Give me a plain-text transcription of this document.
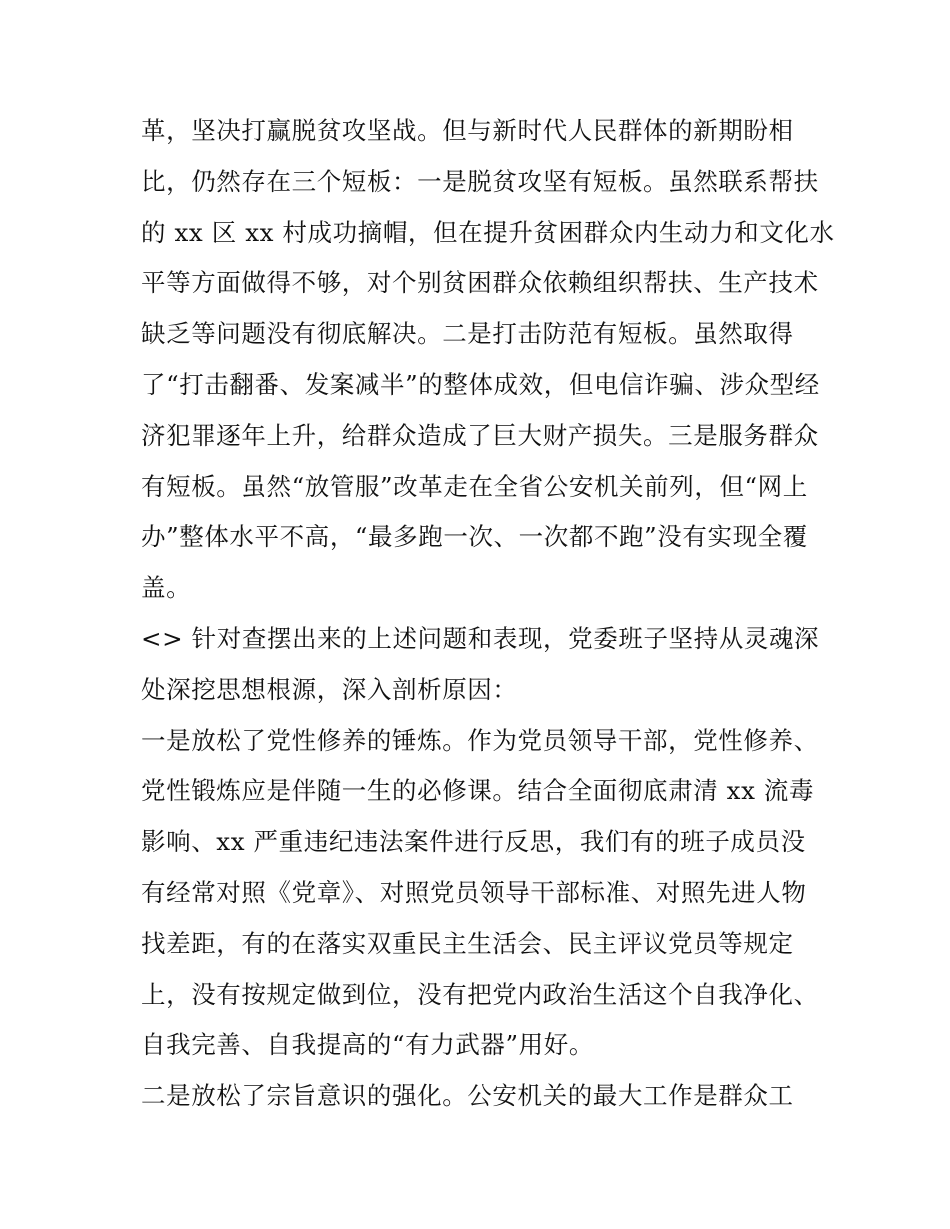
革，坚决打赢脱贫攻坚战。但与新时代人民群体的新期盼相
比，仍然存在三个短板：一是脱贫攻坚有短板。虽然联系帮扶
的 xx 区 xx 村成功摘帽，但在提升贫困群众内生动力和文化水
平等方面做得不够，对个别贫困群众依赖组织帮扶、生产技术
缺乏等问题没有彻底解决。二是打击防范有短板。虽然取得
了“打击翻番、发案减半”的整体成效，但电信诈骗、涉众型经
济犯罪逐年上升，给群众造成了巨大财产损失。三是服务群众
有短板。虽然“放管服”改革走在全省公安机关前列，但“网上
办”整体水平不高，“最多跑一次、一次都不跑”没有实现全覆
盖。
<> 针对查摆出来的上述问题和表现，党委班子坚持从灵魂深
处深挖思想根源，深入剖析原因：
一是放松了党性修养的锤炼。作为党员领导干部，党性修养、
党性锻炼应是伴随一生的必修课。结合全面彻底肃清 xx 流毒
影响、xx 严重违纪违法案件进行反思，我们有的班子成员没
有经常对照《党章》、对照党员领导干部标准、对照先进人物
找差距，有的在落实双重民主生活会、民主评议党员等规定
上，没有按规定做到位，没有把党内政治生活这个自我净化、
自我完善、自我提高的“有力武器”用好。
二是放松了宗旨意识的强化。公安机关的最大工作是群众工
